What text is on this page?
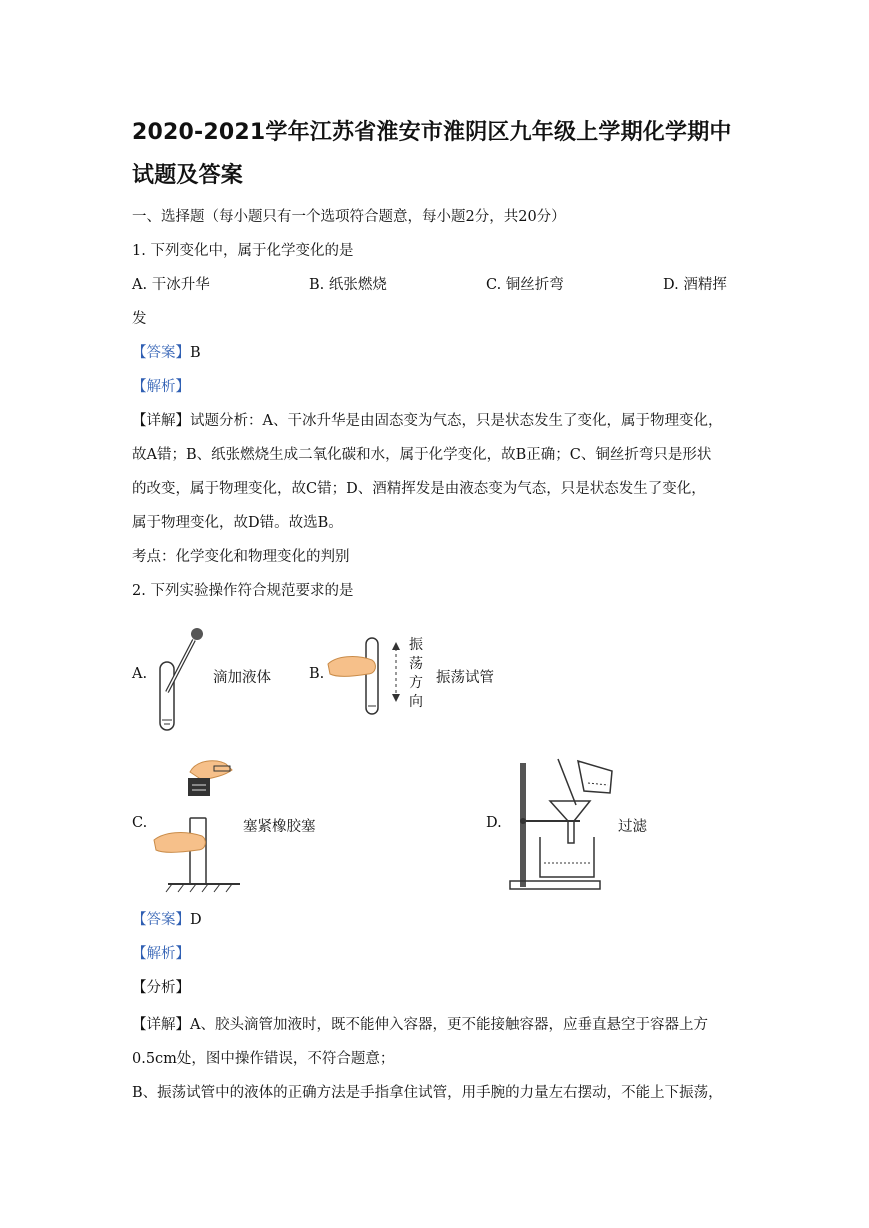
2020-2021学年江苏省淮安市淮阴区九年级上学期化学期中
试题及答案
一、选择题（每小题只有一个选项符合题意，每小题2分，共20分）
1. 下列变化中，属于化学变化的是
A. 干冰升华	B. 纸张燃烧	C. 铜丝折弯	D. 酒精挥
发
【答案】B
【解析】
【详解】试题分析：A、干冰升华是由固态变为气态，只是状态发生了变化，属于物理变化，
故A错；B、纸张燃烧生成二氧化碳和水，属于化学变化，故B正确；C、铜丝折弯只是形状
的改变，属于物理变化，故C错；D、酒精挥发是由液态变为气态，只是状态发生了变化，
属于物理变化，故D错。故选B。
考点：化学变化和物理变化的判别
2. 下列实验操作符合规范要求的是
A.	滴加液体	B.
振
荡
方
向
振荡试管
C.	塞紧橡胶塞	D.	过滤
【答案】D
【解析】
【分析】
【详解】A、胶头滴管加液时，既不能伸入容器，更不能接触容器，应垂直悬空于容器上方
0.5cm处，图中操作错误，不符合题意；
B、振荡试管中的液体的正确方法是手指拿住试管，用手腕的力量左右摆动，不能上下振荡，
